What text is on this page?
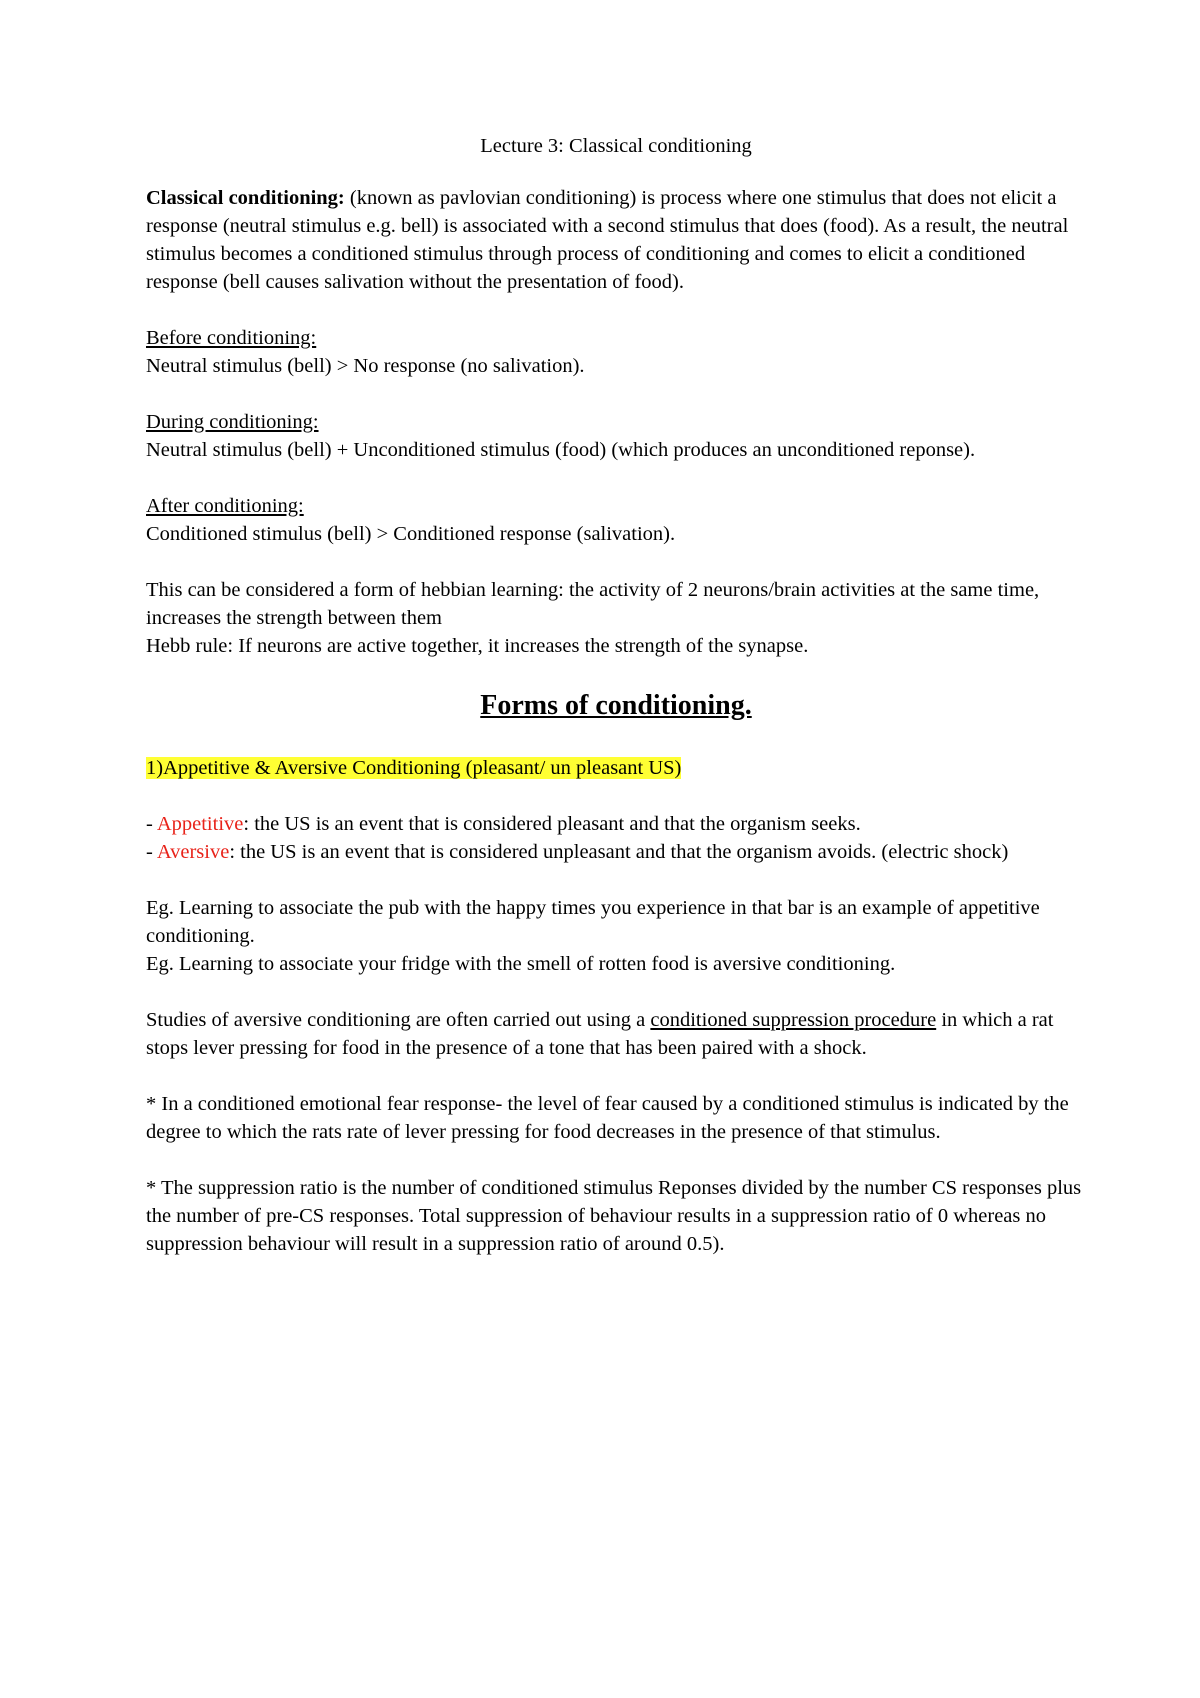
Lecture 3: Classical conditioning

Classical conditioning: (known as pavlovian conditioning) is process where one stimulus that does not elicit a response (neutral stimulus e.g. bell) is associated with a second stimulus that does (food). As a result, the neutral stimulus becomes a conditioned stimulus through process of conditioning and comes to elicit a conditioned response (bell causes salivation without the presentation of food).

Before conditioning:
Neutral stimulus (bell) > No response (no salivation).

During conditioning:
Neutral stimulus (bell) + Unconditioned stimulus (food) (which produces an unconditioned reponse).

After conditioning:
Conditioned stimulus (bell) > Conditioned response (salivation).

This can be considered a form of hebbian learning: the activity of 2 neurons/brain activities at the same time, increases the strength between them
Hebb rule: If neurons are active together, it increases the strength of the synapse.

Forms of conditioning.

1)Appetitive & Aversive Conditioning (pleasant/ un pleasant US)

- Appetitive: the US is an event that is considered pleasant and that the organism seeks.
- Aversive: the US is an event that is considered unpleasant and that the organism avoids. (electric shock)

Eg. Learning to associate the pub with the happy times you experience in that bar is an example of appetitive conditioning.
Eg. Learning to associate your fridge with the smell of rotten food is aversive conditioning.

Studies of aversive conditioning are often carried out using a conditioned suppression procedure in which a rat stops lever pressing for food in the presence of a tone that has been paired with a shock.

* In a conditioned emotional fear response- the level of fear caused by a conditioned stimulus is indicated by the degree to which the rats rate of lever pressing for food decreases in the presence of that stimulus.

* The suppression ratio is the number of conditioned stimulus Reponses divided by the number CS responses plus the number of pre-CS responses. Total suppression of behaviour results in a suppression ratio of 0 whereas no suppression behaviour will result in a suppression ratio of around 0.5).
